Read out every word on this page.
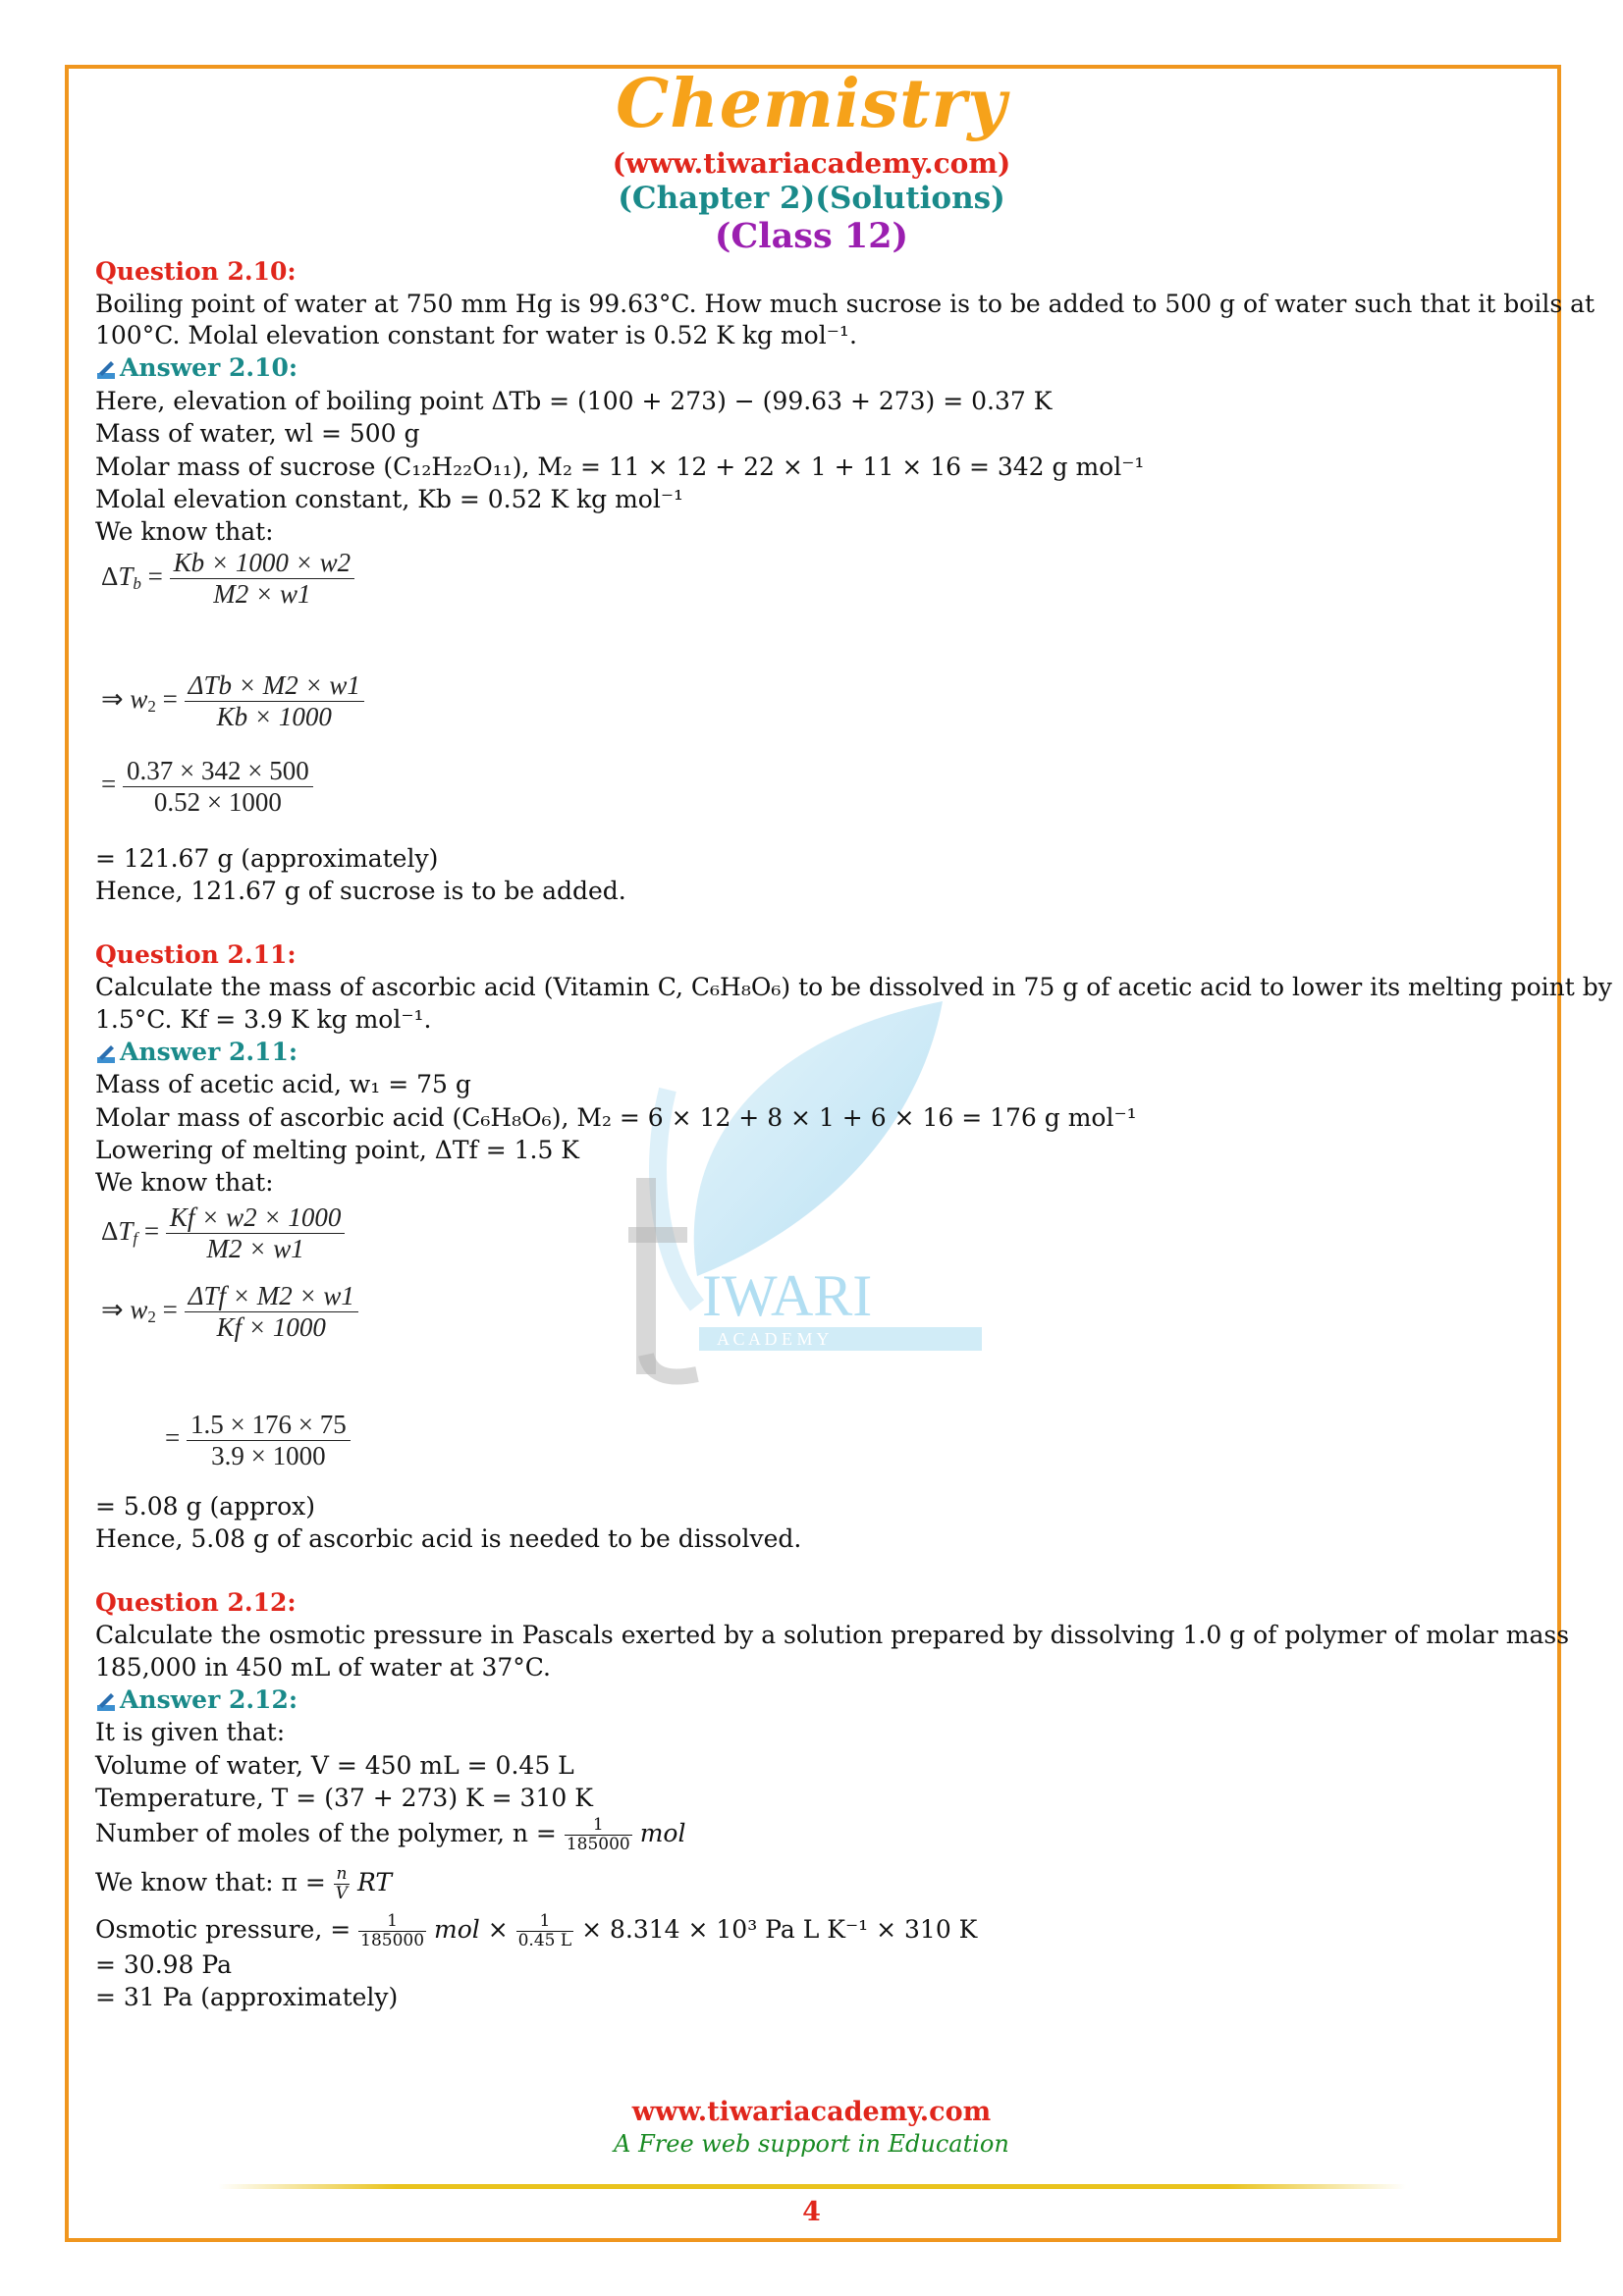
Chemistry
(www.tiwariacademy.com)
(Chapter 2)(Solutions)
(Class 12)
IWARI
A C A D E M Y
Question 2.10:
Boiling point of water at 750 mm Hg is 99.63°C. How much sucrose is to be added to 500 g of water such that it boils at
100°C. Molal elevation constant for water is 0.52 K kg mol⁻¹.
Answer 2.10:
Here, elevation of boiling point ΔTb = (100 + 273) − (99.63 + 273) = 0.37 K
Mass of water, wl = 500 g
Molar mass of sucrose (C₁₂H₂₂O₁₁), M₂ = 11 × 12 + 22 × 1 + 11 × 16 = 342 g mol⁻¹
Molal elevation constant, Kb = 0.52 K kg mol⁻¹
We know that:
$\Delta T_b = \frac{Kb \times 1000 \times w2}{M2 \times w1}$
⇒ $w_2 = \frac{\text{ΔTb × M2 × w1}}{Kb \times 1000}$
= $\frac{0.37 \times 342 \times 500}{0.52 \times 1000}$
= 121.67 g (approximately)
Hence, 121.67 g of sucrose is to be added.
Question 2.11:
Calculate the mass of ascorbic acid (Vitamin C, C₆H₈O₆) to be dissolved in 75 g of acetic acid to lower its melting point by
1.5°C. Kf = 3.9 K kg mol⁻¹.
Answer 2.11:
Mass of acetic acid, w₁ = 75 g
Molar mass of ascorbic acid (C₆H₈O₆), M₂ = 6 × 12 + 8 × 1 + 6 × 16 = 176 g mol⁻¹
Lowering of melting point, ΔTf = 1.5 K
We know that:
$\Delta T_f = \frac{Kf \times w2 \times 1000}{M2 \times w1}$
⇒ $w_2 = \frac{\text{ΔTf × M2 × w1}}{Kf \times 1000}$
= $\frac{1.5 \times 176 \times 75}{3.9 \times 1000}$
= 5.08 g (approx)
Hence, 5.08 g of ascorbic acid is needed to be dissolved.
Question 2.12:
Calculate the osmotic pressure in Pascals exerted by a solution prepared by dissolving 1.0 g of polymer of molar mass
185,000 in 450 mL of water at 37°C.
Answer 2.12:
It is given that:
Volume of water, V = 450 mL = 0.45 L
Temperature, T = (37 + 273) K = 310 K
Number of moles of the polymer, $n = \frac{1}{185000}$ mol
We know that: $\pi = \frac{n}{V}$ RT
Osmotic pressure, = $\frac{1}{185000}$ mol × $\frac{1}{0.45 L} \times 8.314 \times 10^3$ Pa L K⁻¹ × 310 K
= 30.98 Pa
= 31 Pa (approximately)
www.tiwariacademy.com
A Free web support in Education
4
